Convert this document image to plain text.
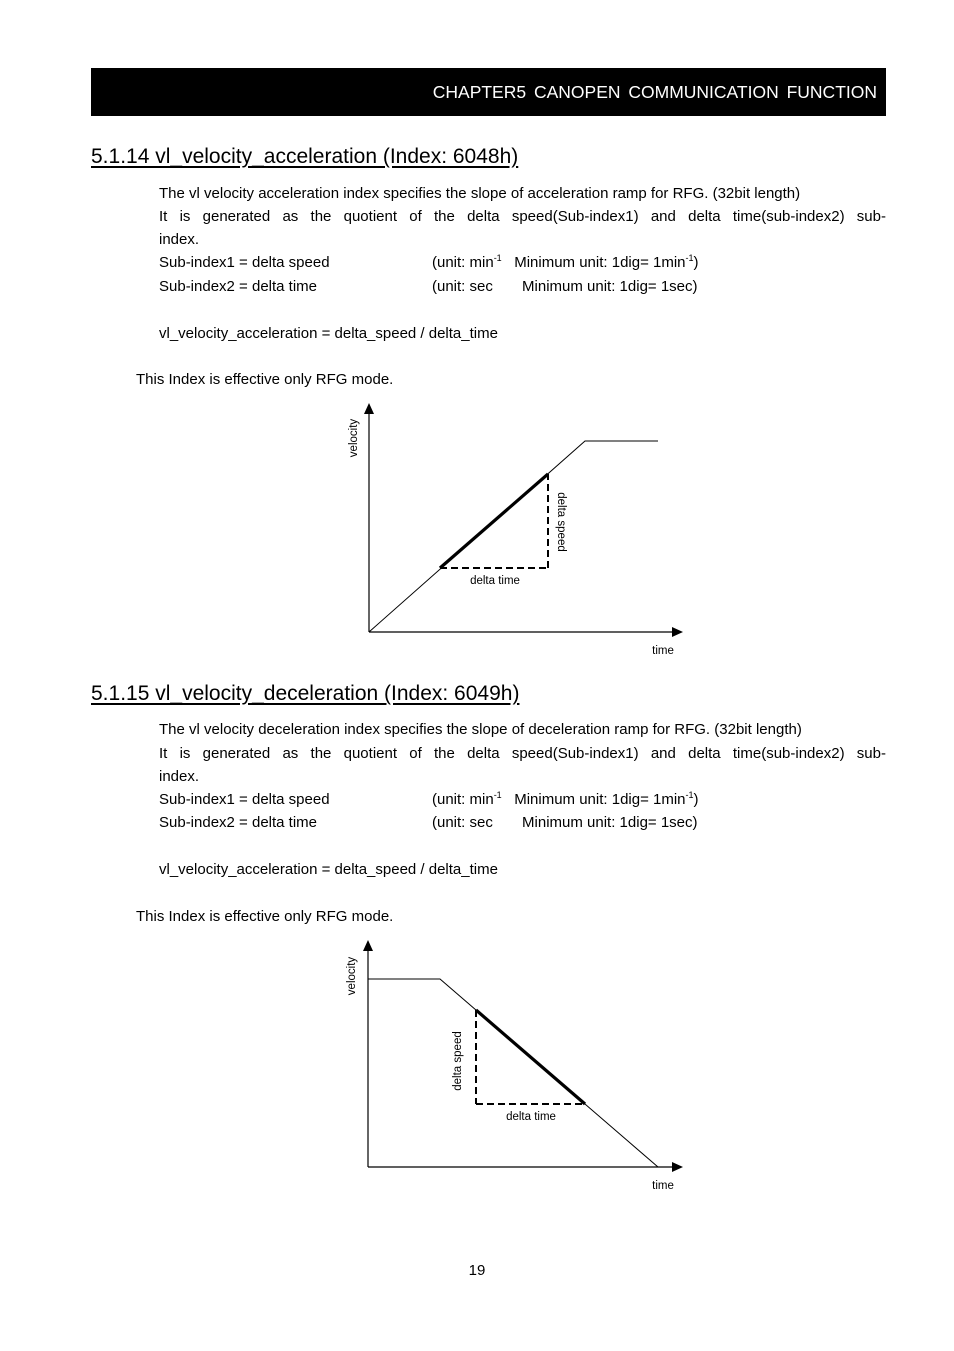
CHAPTER5 CANOPEN COMMUNICATION FUNCTION
5.1.14 vl_velocity_acceleration (Index: 6048h)
The vl velocity acceleration index specifies the slope of acceleration ramp for RFG. (32bit length)
It is generated as the quotient of the delta speed(Sub-index1) and delta time(sub-index2) sub-
index.
Sub-index1 = delta speed	(unit: $\min^{-1}$   Minimum unit: $1dig= 1\min^{-1}$)
Sub-index2 = delta time	(unit: sec       Minimum unit: 1dig= 1sec)
vl_velocity_acceleration = delta_speed / delta_time
This Index is effective only RFG mode.
5.1.15 vl_velocity_deceleration (Index: 6049h)
The vl velocity deceleration index specifies the slope of deceleration ramp for RFG. (32bit length)
It is generated as the quotient of the delta speed(Sub-index1) and delta time(sub-index2) sub-
index.
Sub-index1 = delta speed	(unit: $\min^{-1}$   Minimum unit: $1dig= 1\min^{-1}$)
Sub-index2 = delta time	(unit: sec       Minimum unit: 1dig= 1sec)
vl_velocity_acceleration = delta_speed / delta_time
This Index is effective only RFG mode.
velocity
time
delta time
delta speed
velocity
time
delta time
delta speed
19
